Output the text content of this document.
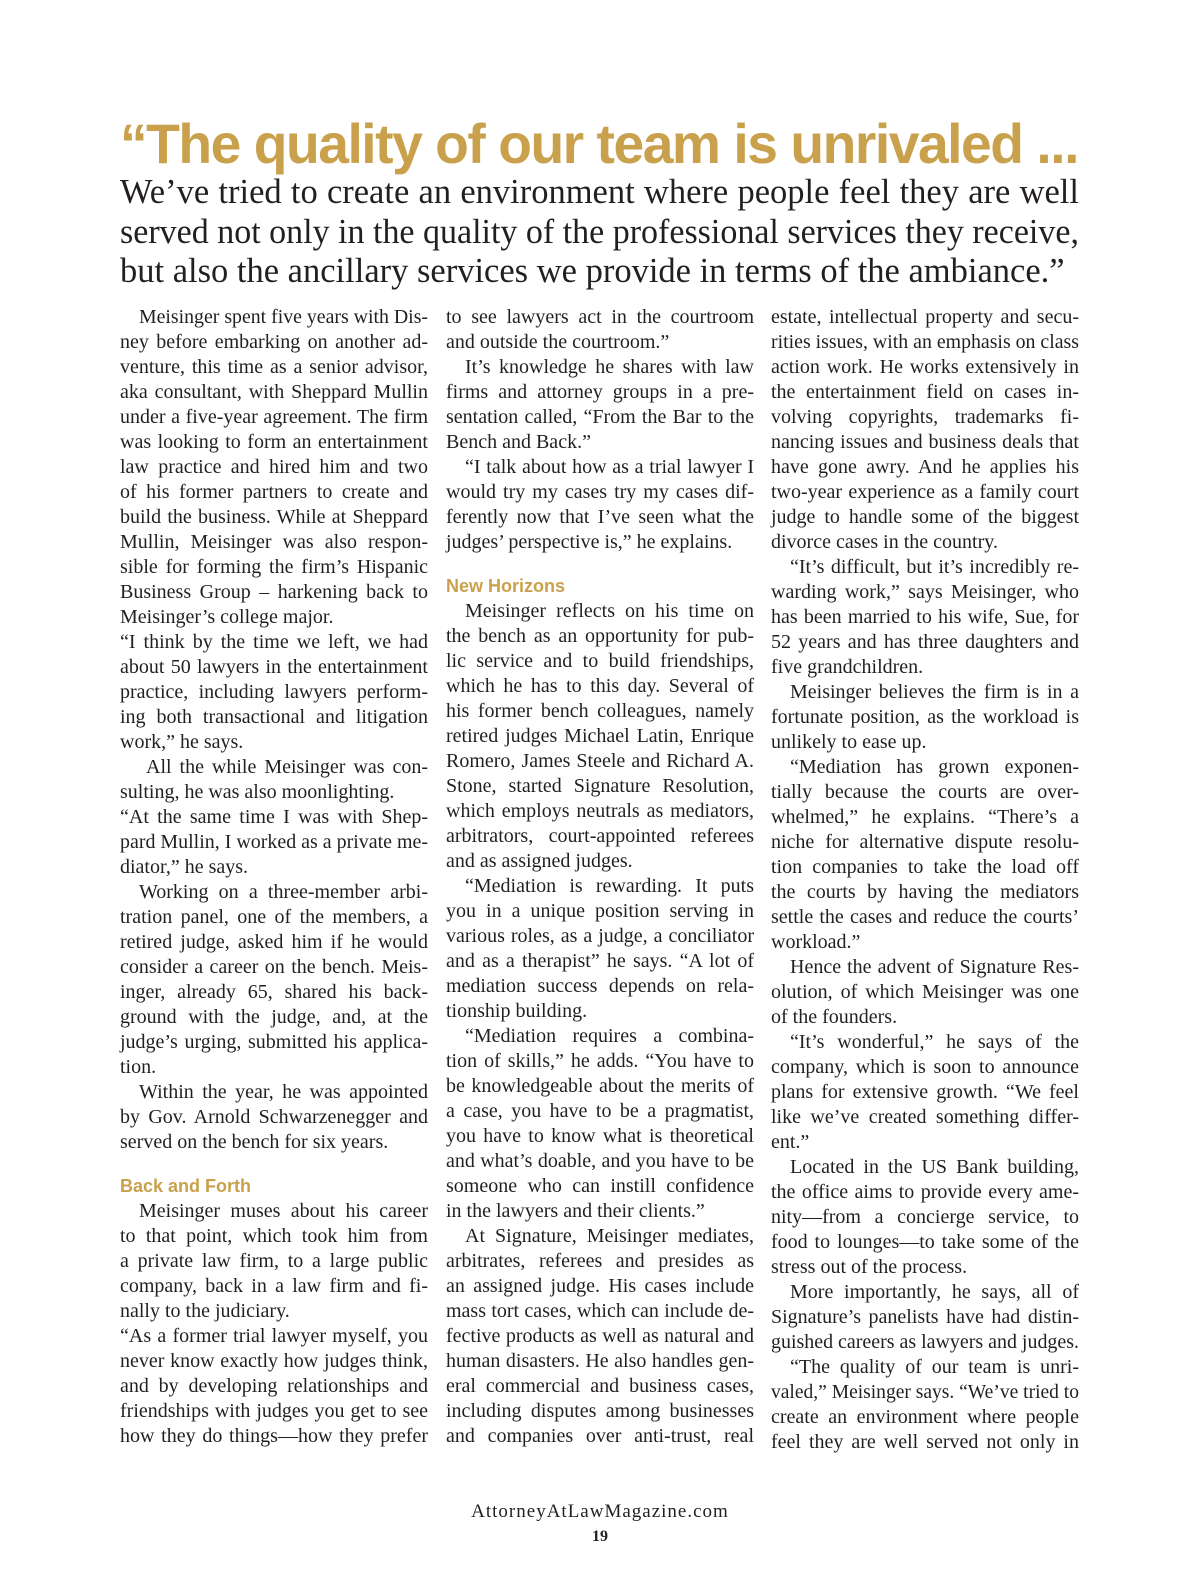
“The quality of our team is unrivaled ...
We’ve tried to create an environment where people feel they are well
served not only in the quality of the professional services they receive,
but also the ancillary services we provide in terms of the ambiance.”
Meisinger spent five years with Dis-
ney before embarking on another ad-
venture, this time as a senior advisor,
aka consultant, with Sheppard Mullin
under a five-year agreement. The firm
was looking to form an entertainment
law practice and hired him and two
of his former partners to create and
build the business. While at Sheppard
Mullin, Meisinger was also respon-
sible for forming the firm’s Hispanic
Business Group – harkening back to
Meisinger’s college major.
“I think by the time we left, we had
about 50 lawyers in the entertainment
practice, including lawyers perform-
ing both transactional and litigation
work,” he says.
All the while Meisinger was con-
sulting, he was also moonlighting.
“At the same time I was with Shep-
pard Mullin, I worked as a private me-
diator,” he says.
Working on a three-member arbi-
tration panel, one of the members, a
retired judge, asked him if he would
consider a career on the bench. Meis-
inger, already 65, shared his back-
ground with the judge, and, at the
judge’s urging, submitted his applica-
tion.
Within the year, he was appointed
by Gov. Arnold Schwarzenegger and
served on the bench for six years.
Back and Forth
Meisinger muses about his career
to that point, which took him from
a private law firm, to a large public
company, back in a law firm and fi-
nally to the judiciary.
“As a former trial lawyer myself, you
never know exactly how judges think,
and by developing relationships and
friendships with judges you get to see
how they do things—how they prefer
to see lawyers act in the courtroom
and outside the courtroom.”
It’s knowledge he shares with law
firms and attorney groups in a pre-
sentation called, “From the Bar to the
Bench and Back.”
“I talk about how as a trial lawyer I
would try my cases try my cases dif-
ferently now that I’ve seen what the
judges’ perspective is,” he explains.
New Horizons
Meisinger reflects on his time on
the bench as an opportunity for pub-
lic service and to build friendships,
which he has to this day. Several of
his former bench colleagues, namely
retired judges Michael Latin, Enrique
Romero, James Steele and Richard A.
Stone, started Signature Resolution,
which employs neutrals as mediators,
arbitrators, court-appointed referees
and as assigned judges.
“Mediation is rewarding. It puts
you in a unique position serving in
various roles, as a judge, a conciliator
and as a therapist” he says. “A lot of
mediation success depends on rela-
tionship building.
“Mediation requires a combina-
tion of skills,” he adds. “You have to
be knowledgeable about the merits of
a case, you have to be a pragmatist,
you have to know what is theoretical
and what’s doable, and you have to be
someone who can instill confidence
in the lawyers and their clients.”
At Signature, Meisinger mediates,
arbitrates, referees and presides as
an assigned judge. His cases include
mass tort cases, which can include de-
fective products as well as natural and
human disasters. He also handles gen-
eral commercial and business cases,
including disputes among businesses
and companies over anti-trust, real
estate, intellectual property and secu-
rities issues, with an emphasis on class
action work. He works extensively in
the entertainment field on cases in-
volving copyrights, trademarks fi-
nancing issues and business deals that
have gone awry. And he applies his
two-year experience as a family court
judge to handle some of the biggest
divorce cases in the country.
“It’s difficult, but it’s incredibly re-
warding work,” says Meisinger, who
has been married to his wife, Sue, for
52 years and has three daughters and
five grandchildren.
Meisinger believes the firm is in a
fortunate position, as the workload is
unlikely to ease up.
“Mediation has grown exponen-
tially because the courts are over-
whelmed,” he explains. “There’s a
niche for alternative dispute resolu-
tion companies to take the load off
the courts by having the mediators
settle the cases and reduce the courts’
workload.”
Hence the advent of Signature Res-
olution, of which Meisinger was one
of the founders.
“It’s wonderful,” he says of the
company, which is soon to announce
plans for extensive growth. “We feel
like we’ve created something differ-
ent.”
Located in the US Bank building,
the office aims to provide every ame-
nity—from a concierge service, to
food to lounges—to take some of the
stress out of the process.
More importantly, he says, all of
Signature’s panelists have had distin-
guished careers as lawyers and judges.
“The quality of our team is unri-
valed,” Meisinger says. “We’ve tried to
create an environment where people
feel they are well served not only in
AttorneyAtLawMagazine.com
19
